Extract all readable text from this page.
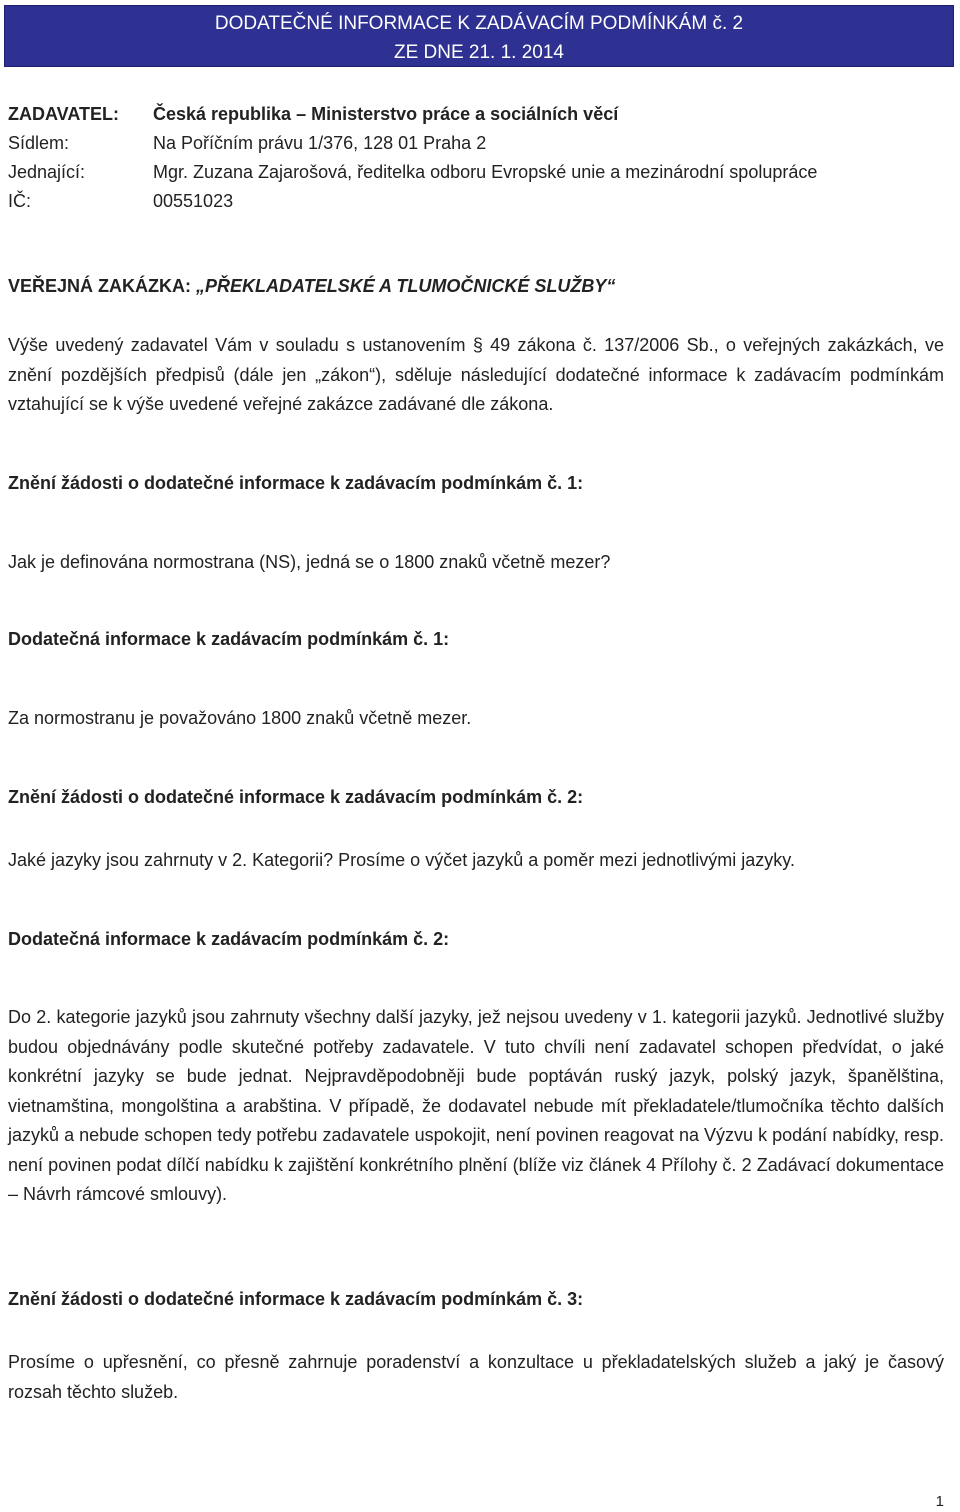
DODATEČNÉ INFORMACE K ZADÁVACÍM PODMÍNKÁM č. 2
ZE DNE 21. 1. 2014
ZADAVATEL: Česká republika – Ministerstvo práce a sociálních věcí
Sídlem:	Na Poříčním právu 1/376, 128 01 Praha 2
Jednající:	Mgr. Zuzana Zajarošová, ředitelka odboru Evropské unie a mezinárodní spolupráce
IČ:	00551023
VEŘEJNÁ ZAKÁZKA: „PŘEKLADATELSKÉ A TLUMOČNICKÉ SLUŽBY“

Výše uvedený zadavatel Vám v souladu s ustanovením § 49 zákona č. 137/2006 Sb., o veřejných zakázkách, ve znění pozdějších předpisů (dále jen „zákon“), sděluje následující dodatečné informace k zadávacím podmínkám vztahující se k výše uvedené veřejné zakázce zadávané dle zákona.

Znění žádosti o dodatečné informace k zadávacím podmínkám č. 1:
Jak je definována normostrana (NS), jedná se o 1800 znaků včetně mezer?
Dodatečná informace k zadávacím podmínkám č. 1:
Za normostranu je považováno 1800 znaků včetně mezer.
Znění žádosti o dodatečné informace k zadávacím podmínkám č. 2:
Jaké jazyky jsou zahrnuty v 2. Kategorii? Prosíme o výčet jazyků a poměr mezi jednotlivými jazyky.
Dodatečná informace k zadávacím podmínkám č. 2:

Do 2. kategorie jazyků jsou zahrnuty všechny další jazyky, jež nejsou uvedeny v 1. kategorii jazyků. Jednotlivé služby budou objednávány podle skutečné potřeby zadavatele. V tuto chvíli není zadavatel schopen předvídat, o jaké konkrétní jazyky se bude jednat. Nejpravděpodobněji bude poptáván ruský jazyk, polský jazyk, španělština, vietnamština, mongolština a arabština. V případě, že dodavatel nebude mít překladatele/tlumočníka těchto dalších jazyků a nebude schopen tedy potřebu zadavatele uspokojit, není povinen reagovat na Výzvu k podání nabídky, resp. není povinen podat dílčí nabídku k zajištění konkrétního plnění (blíže viz článek 4 Přílohy č. 2 Zadávací dokumentace – Návrh rámcové smlouvy).

Znění žádosti o dodatečné informace k zadávacím podmínkám č. 3:

Prosíme o upřesnění, co přesně zahrnuje poradenství a konzultace u překladatelských služeb a jaký je časový rozsah těchto služeb.

1
